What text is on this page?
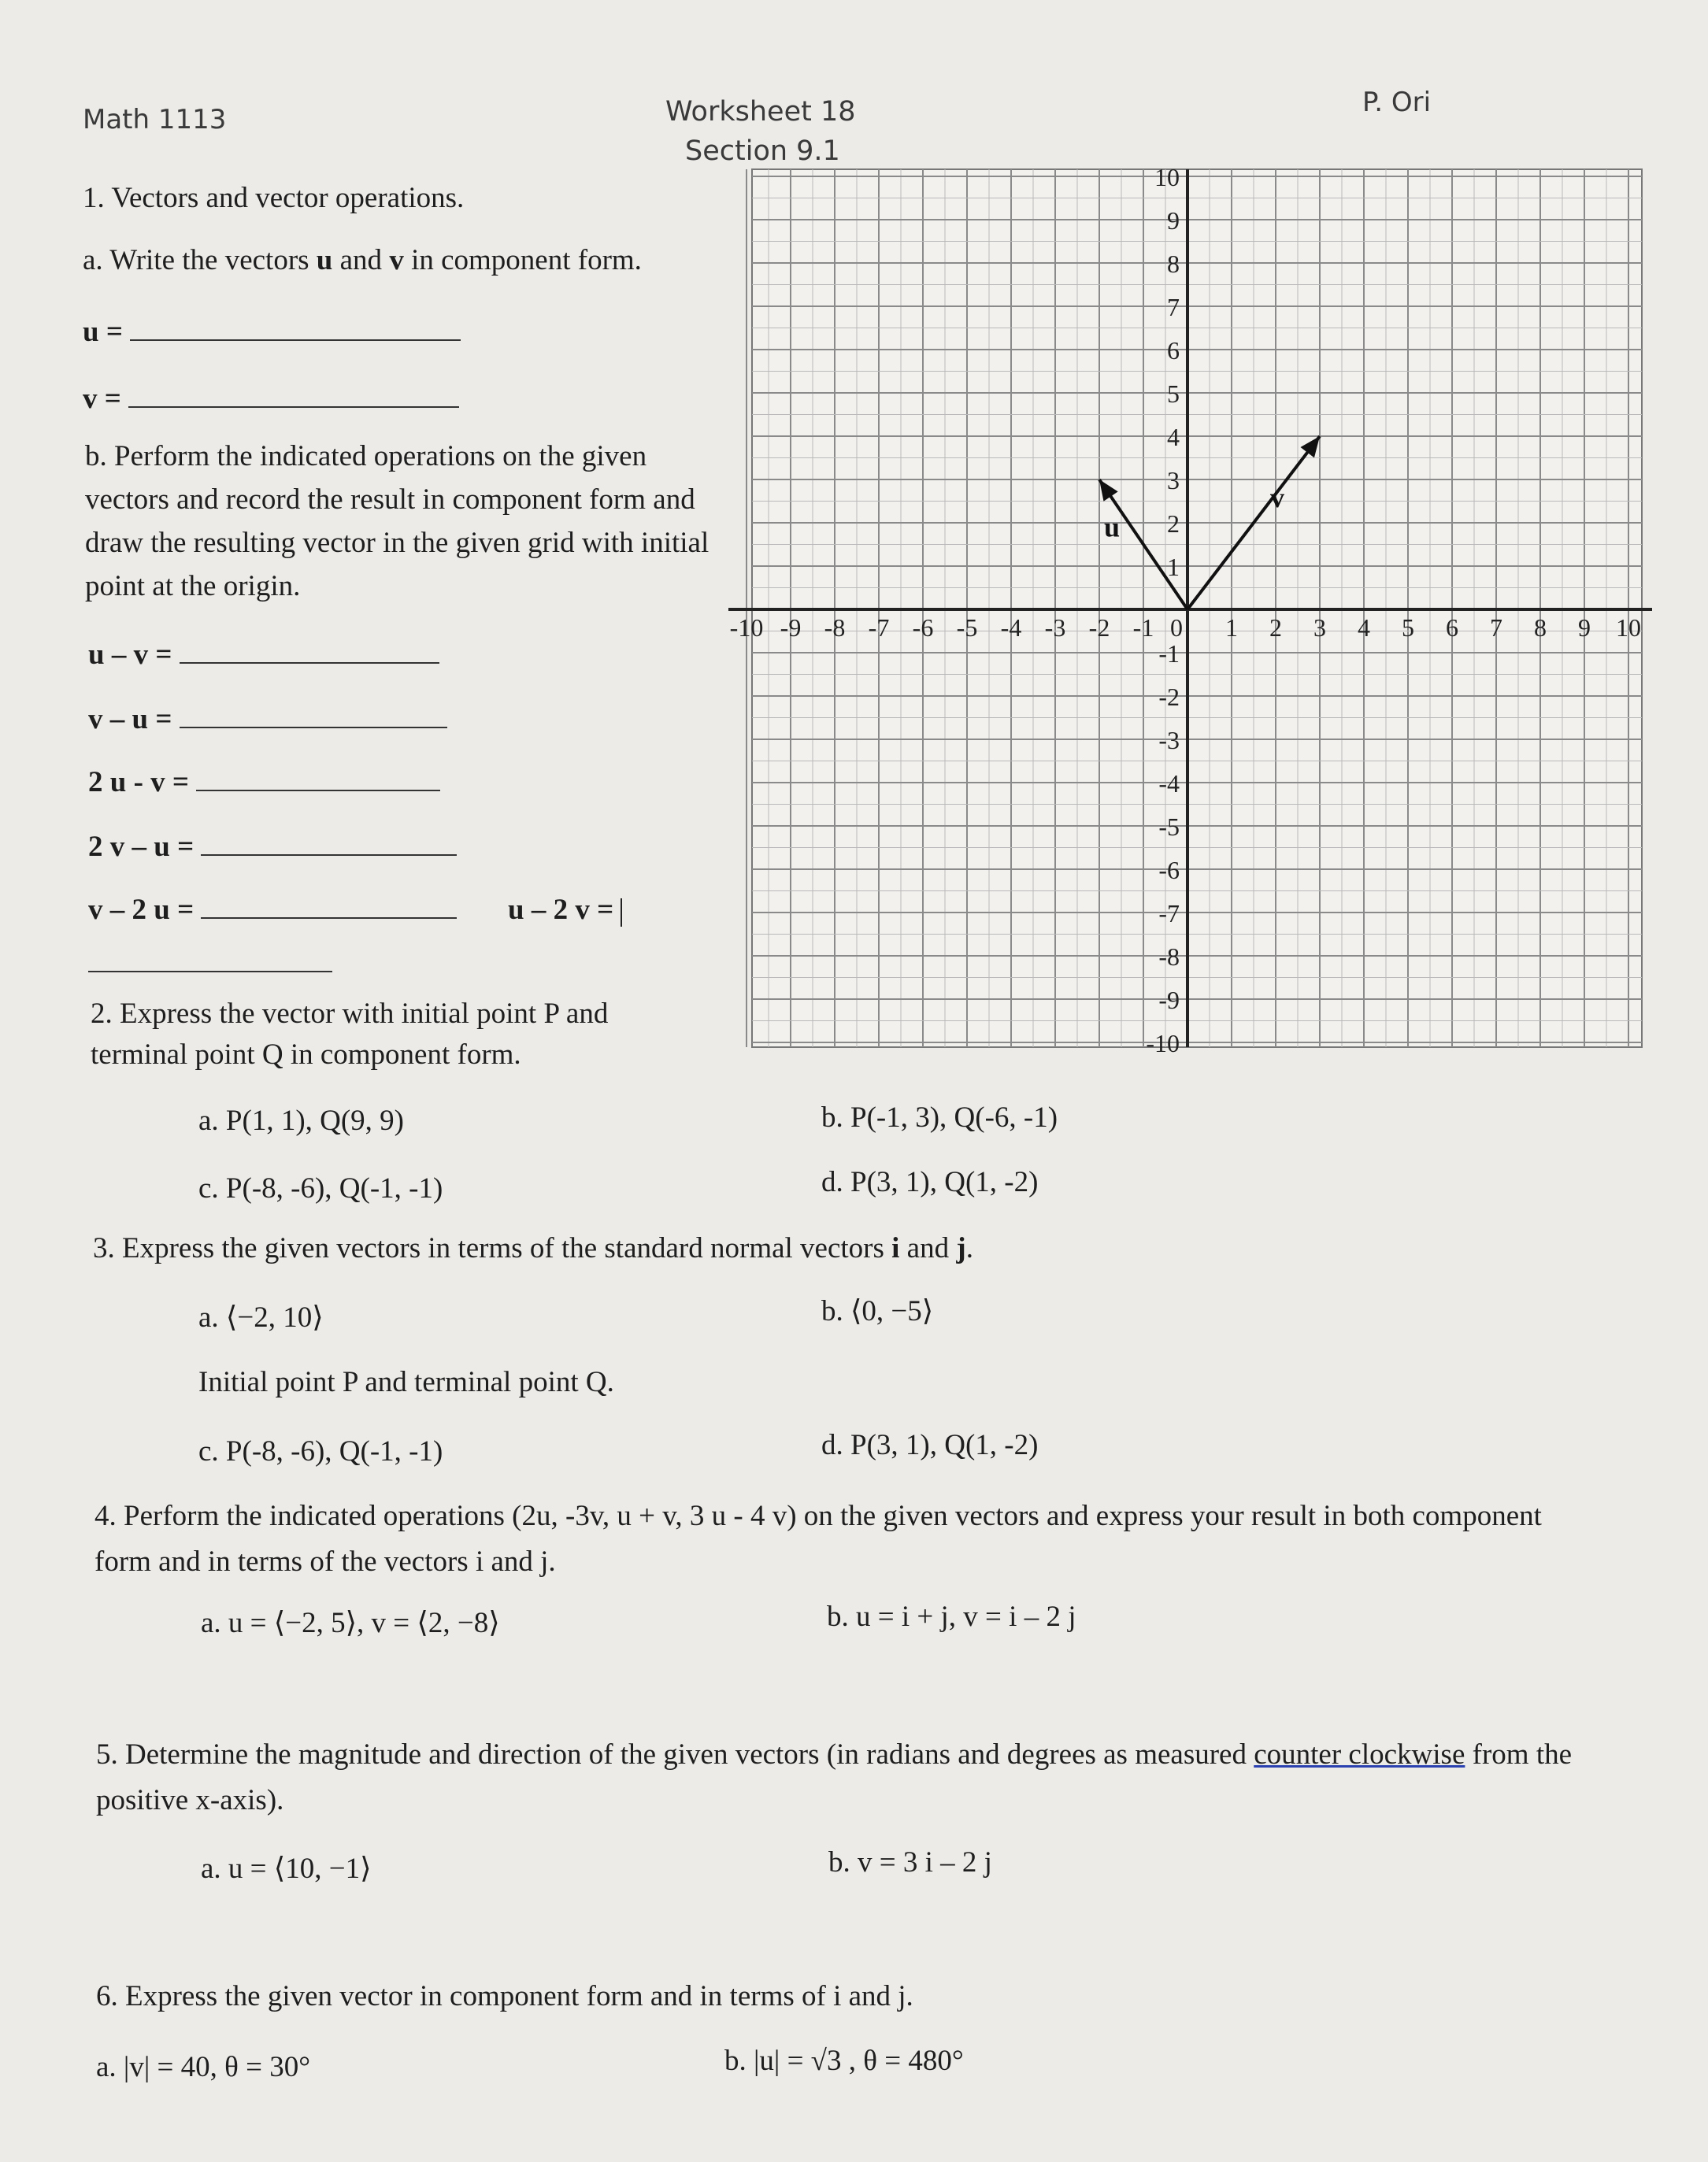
Math 1113	Worksheet 18
Section 9.1
P. Ori
1. Vectors and vector operations.
a. Write the vectors u and v in component form.
u =
v =
b. Perform the indicated operations on the given vectors and record the result in component form and draw the resulting vector in the given grid with initial point at the origin.
u – v =
v – u =
2 u - v =
2 v – u =
v – 2 u =	u – 2 v =
-10 -9 -8 -7 -6 -5 -4 -3 -2 -1 0 1 2 3 4 5 6 7 8 9 10
1
2
3
4
5
6
7
8
9
10
-1
-2
-3
-4
-5
-6
-7
-8
-9
-10
u
v
2. Express the vector with initial point P and terminal point Q in component form.
a. P(1, 1), Q(9, 9)	b. P(-1, 3), Q(-6, -1)
c. P(-8, -6), Q(-1, -1)	d. P(3, 1), Q(1, -2)
3. Express the given vectors in terms of the standard normal vectors i and j.
a. ⟨−2, 10⟩	b. ⟨0, −5⟩
Initial point P and terminal point Q.
c. P(-8, -6), Q(-1, -1)	d. P(3, 1), Q(1, -2)
4. Perform the indicated operations (2u, -3v, u + v, 3 u - 4 v) on the given vectors and express your result in both component form and in terms of the vectors i and j.
a. u = ⟨−2, 5⟩, v = ⟨2, −8⟩	b. u = i + j, v = i – 2 j
5. Determine the magnitude and direction of the given vectors (in radians and degrees as measured counter clockwise from the positive x-axis).
a. u = ⟨10, −1⟩	b. v = 3 i – 2 j
6. Express the given vector in component form and in terms of i and j.
a. |v| = 40, θ = 30°	b. |u| = √3 , θ = 480°
